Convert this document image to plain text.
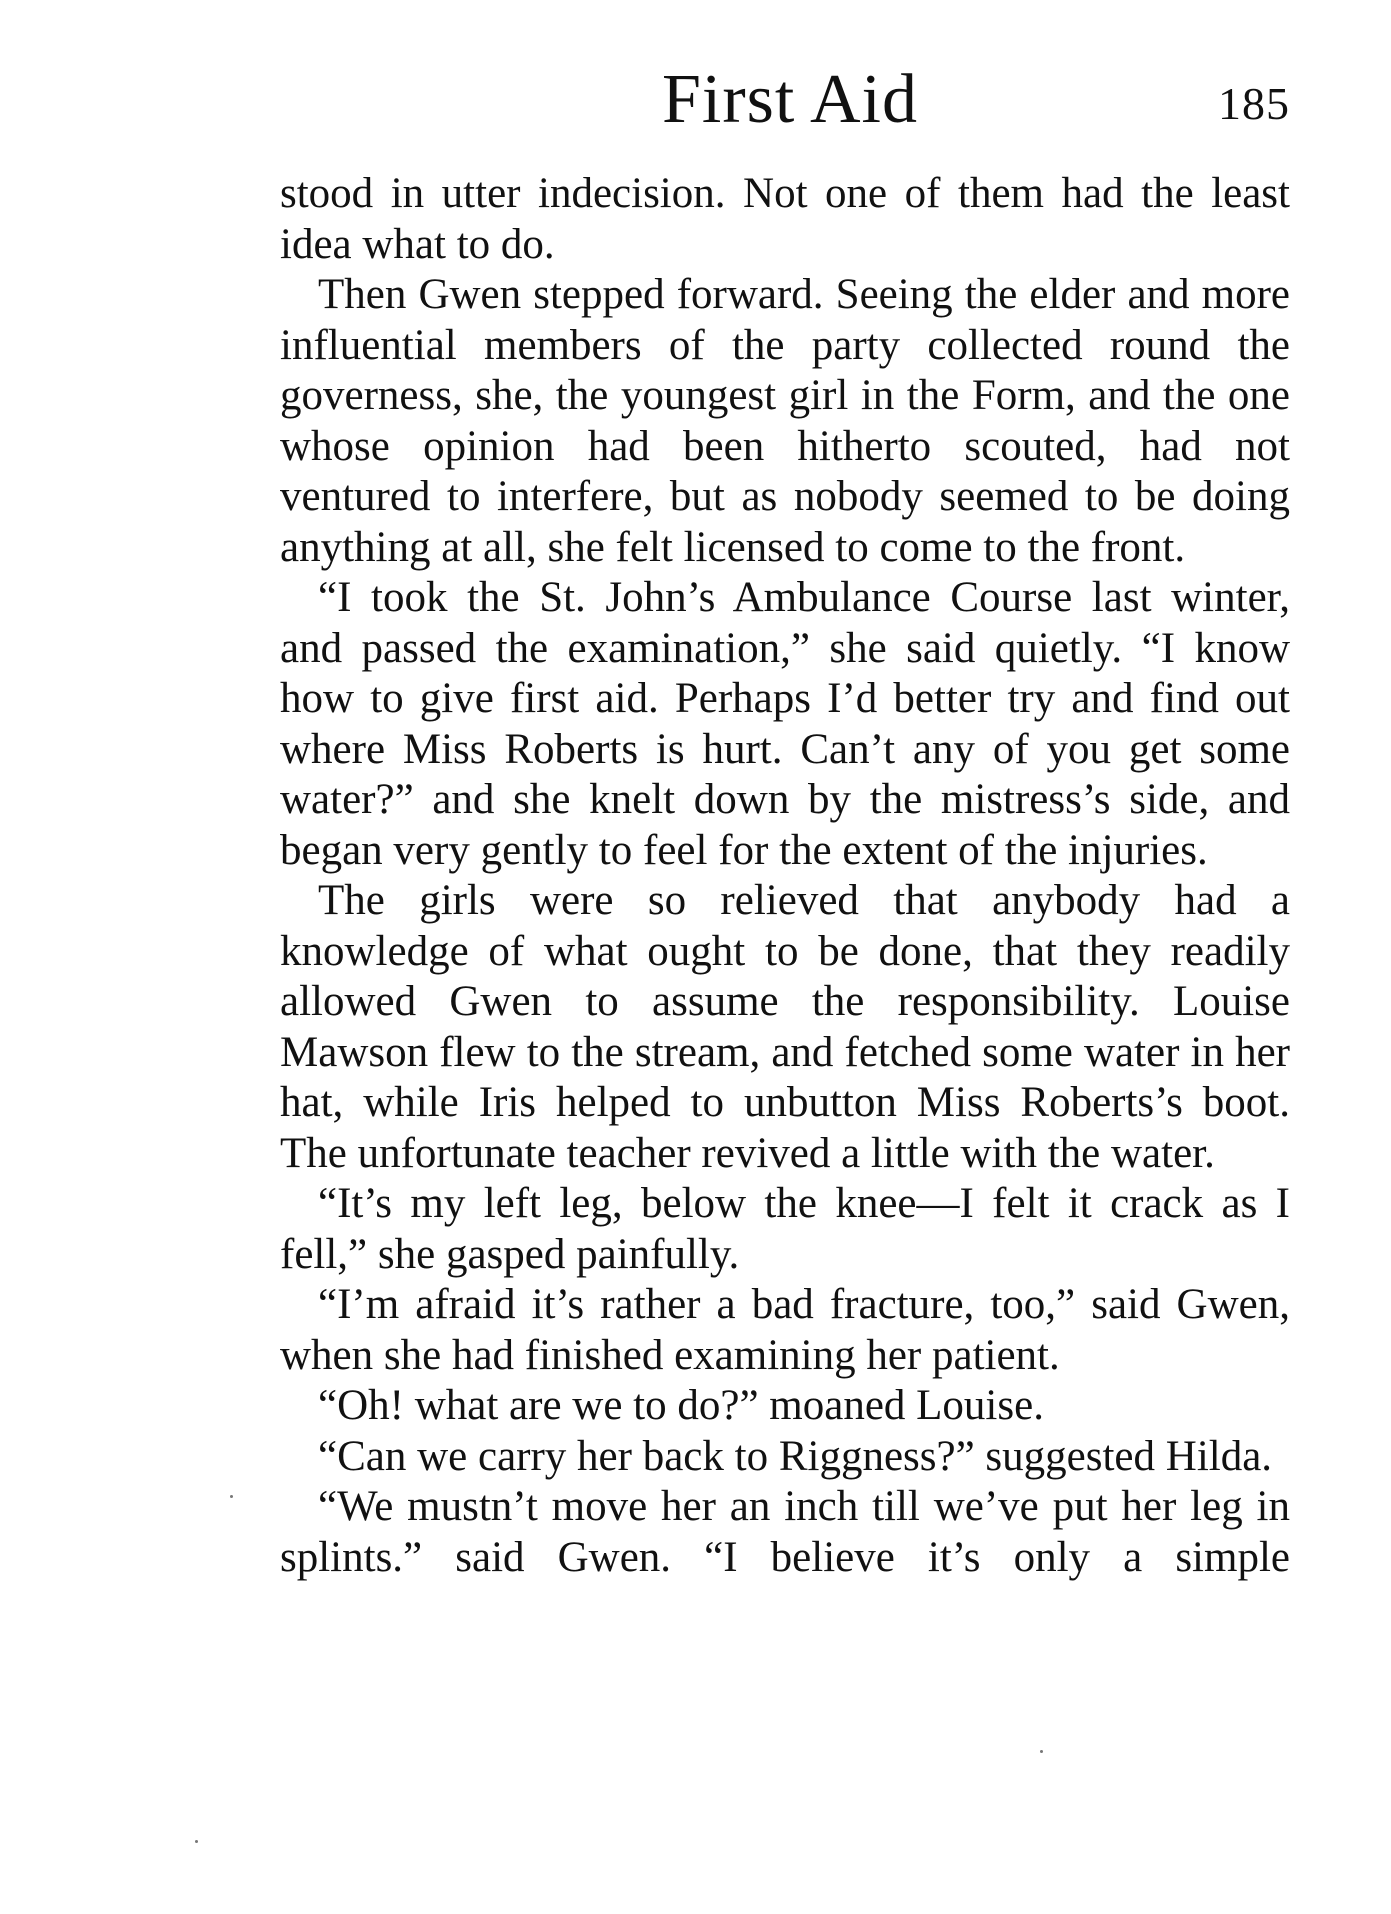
First Aid	185

stood in utter indecision. Not one of them had the least idea what to do.

Then Gwen stepped forward. Seeing the elder and more influential members of the party collected round the governess, she, the youngest girl in the Form, and the one whose opinion had been hitherto scouted, had not ventured to interfere, but as nobody seemed to be doing anything at all, she felt licensed to come to the front.

“I took the St. John’s Ambulance Course last winter, and passed the examination,” she said quietly. “I know how to give first aid. Perhaps I’d better try and find out where Miss Roberts is hurt. Can’t any of you get some water?” and she knelt down by the mistress’s side, and began very gently to feel for the extent of the injuries.

The girls were so relieved that anybody had a knowledge of what ought to be done, that they readily allowed Gwen to assume the responsibility. Louise Mawson flew to the stream, and fetched some water in her hat, while Iris helped to unbutton Miss Roberts’s boot. The unfortunate teacher revived a little with the water.

“It’s my left leg, below the knee—I felt it crack as I fell,” she gasped painfully.

“I’m afraid it’s rather a bad fracture, too,” said Gwen, when she had finished examining her patient.

“Oh! what are we to do?” moaned Louise.

“Can we carry her back to Riggness?” suggested Hilda.

“We mustn’t move her an inch till we’ve put her leg in splints.” said Gwen. “I believe it’s only a simple
